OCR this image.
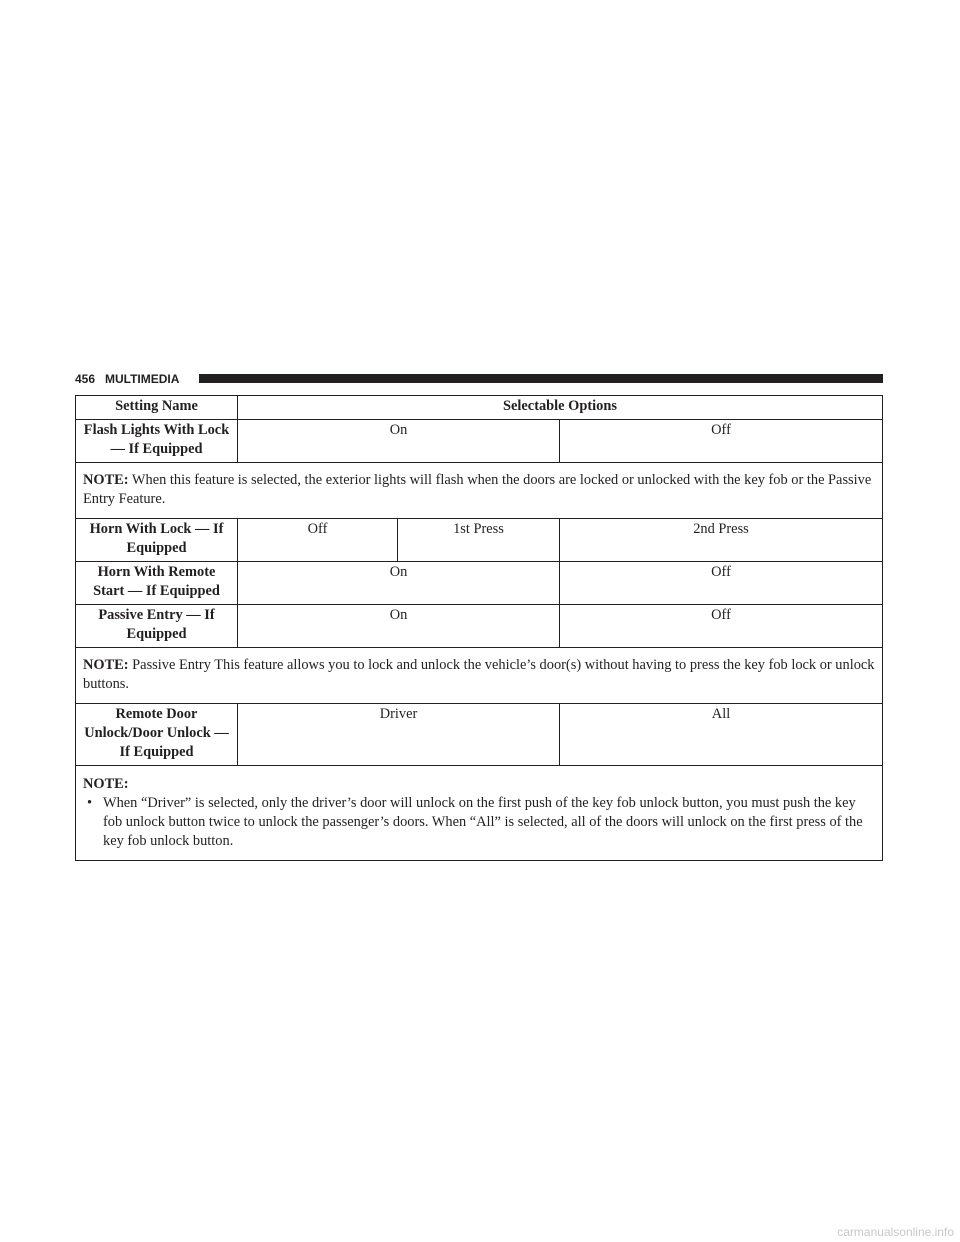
456 MULTIMEDIA
Setting Name	Selectable Options		
Flash Lights With Lock — If Equipped	On		Off
NOTE: When this feature is selected, the exterior lights will flash when the doors are locked or unlocked with the key fob or the Passive Entry Feature.			
Horn With Lock — If Equipped	Off	1st Press	2nd Press
Horn With Remote Start — If Equipped	On		Off
Passive Entry — If Equipped	On		Off
NOTE: Passive Entry This feature allows you to lock and unlock the vehicle’s door(s) without having to press the key fob lock or unlock buttons.			
Remote Door Unlock/Door Unlock — If Equipped	Driver		All

NOTE:
• When “Driver” is selected, only the driver’s door will unlock on the first push of the key fob unlock button, you must push the key fob unlock button twice to unlock the passenger’s doors. When “All” is selected, all of the doors will unlock on the first press of the key fob unlock button.			
carmanualsonline.info
